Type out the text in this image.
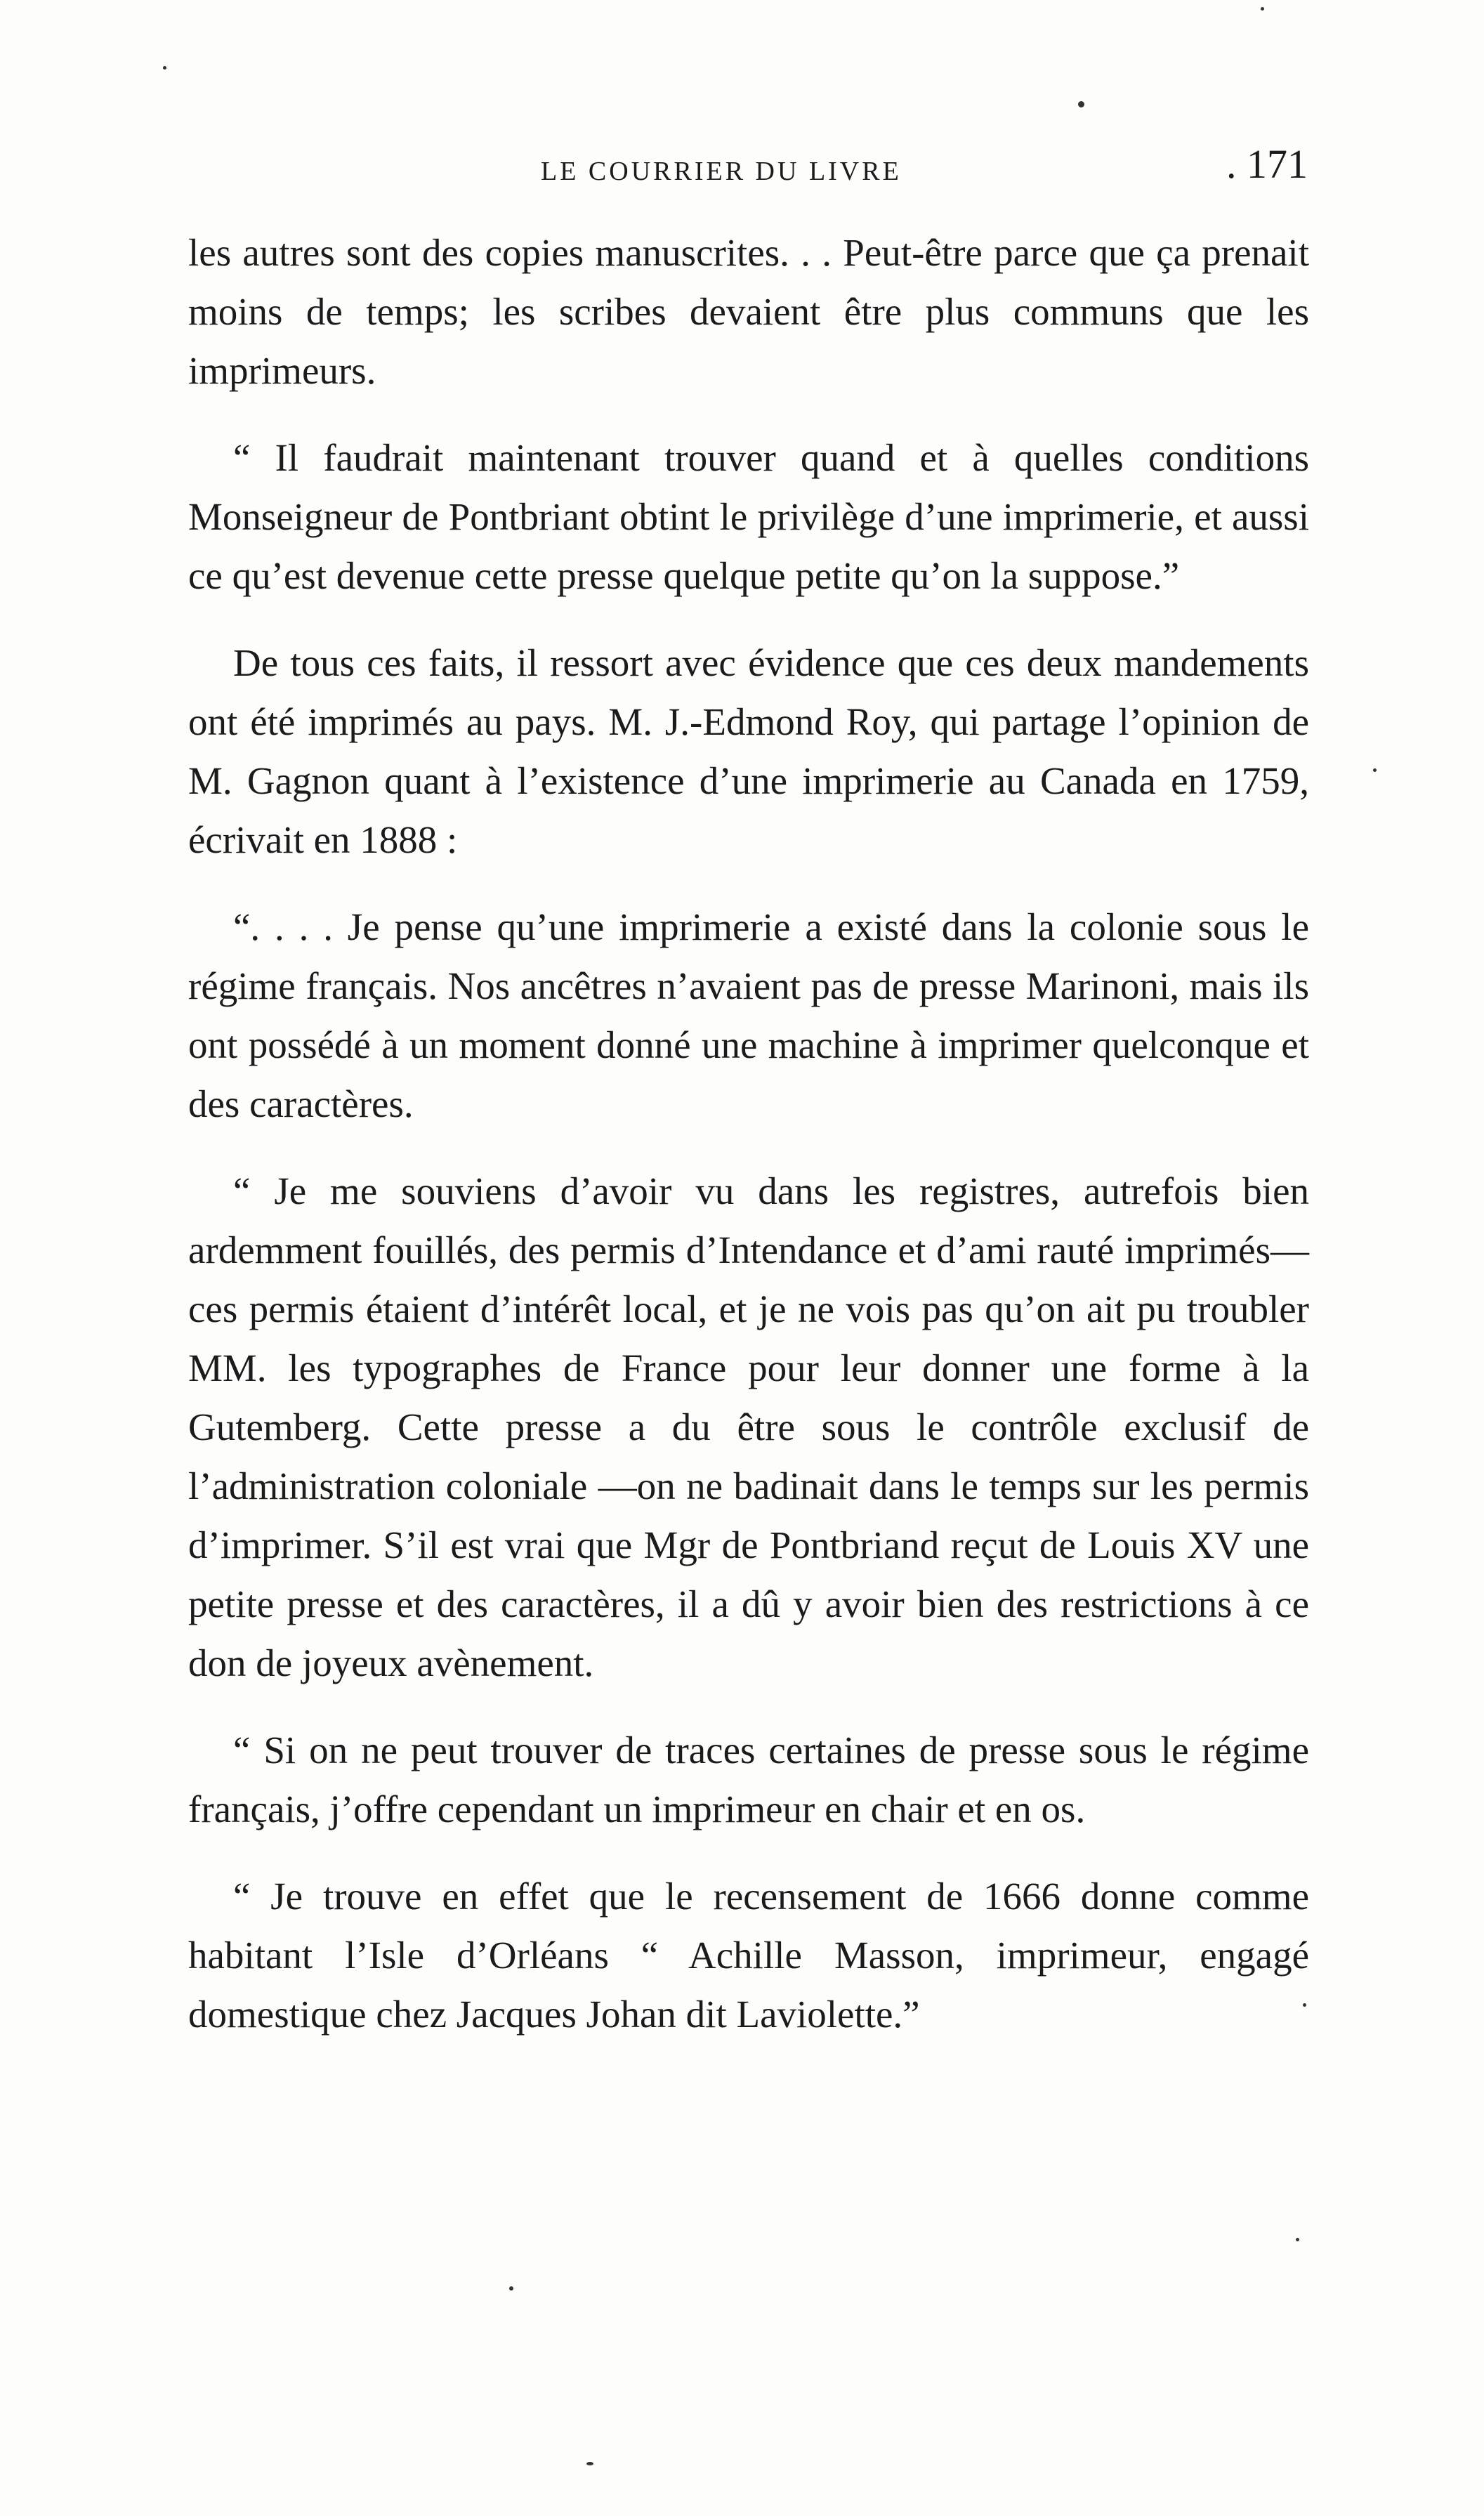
LE COURRIER DU LIVRE	. 171

les autres sont des copies manuscrites. . . Peut-être parce que ça prenait moins de temps; les scribes devaient être plus communs que les imprimeurs.

“ Il faudrait maintenant trouver quand et à quelles conditions Monseigneur de Pontbriant obtint le privilège d’une imprimerie, et aussi ce qu’est devenue cette presse quelque petite qu’on la suppose.”

De tous ces faits, il ressort avec évidence que ces deux mandements ont été imprimés au pays. M. J.-Edmond Roy, qui partage l’opinion de M. Gagnon quant à l’existence d’une imprimerie au Canada en 1759, écrivait en 1888 :

“. . . . Je pense qu’une imprimerie a existé dans la colonie sous le régime français. Nos ancêtres n’avaient pas de presse Marinoni, mais ils ont possédé à un moment donné une machine à imprimer quelconque et des caractères.

“ Je me souviens d’avoir vu dans les registres, autrefois bien ardemment fouillés, des permis d’Intendance et d’ami rauté imprimés—ces permis étaient d’intérêt local, et je ne vois pas qu’on ait pu troubler MM. les typographes de France pour leur donner une forme à la Gutemberg. Cette presse a du être sous le contrôle exclusif de l’administration coloniale —on ne badinait dans le temps sur les permis d’imprimer. S’il est vrai que Mgr de Pontbriand reçut de Louis XV une petite presse et des caractères, il a dû y avoir bien des restrictions à ce don de joyeux avènement.

“ Si on ne peut trouver de traces certaines de presse sous le régime français, j’offre cependant un imprimeur en chair et en os.

“ Je trouve en effet que le recensement de 1666 donne comme habitant l’Isle d’Orléans “ Achille Masson, imprimeur, engagé domestique chez Jacques Johan dit Laviolette.”
